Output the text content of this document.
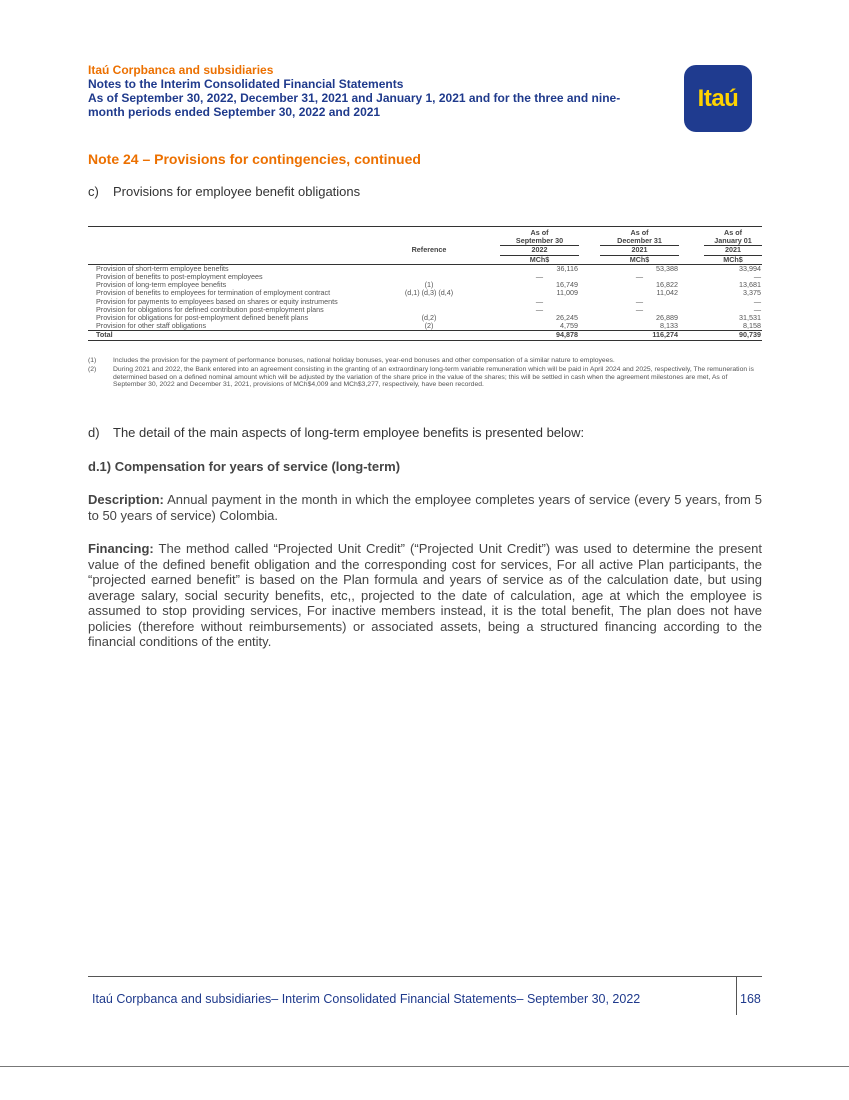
Itaú Corpbanca and subsidiaries
Notes to the Interim Consolidated Financial Statements
As of September 30, 2022, December 31, 2021 and January 1, 2021 and for the three and nine-
month periods ended September 30, 2022 and 2021
Itaú
Note 24 – Provisions for contingencies, continued
c) Provisions for employee benefit obligations

			As of		As of		As of
			September 30		December 31		January 01
	Reference		2022		2021		2021
			MCh$		MCh$		MCh$
Provision of short-term employee benefits			36,116		53,388		33,994
Provision of benefits to post-employment employees			—		—		—
Provision of long-term employee benefits	(1)		16,749		16,822		13,681
Provision of benefits to employees for termination of employment contract	(d,1) (d,3) (d,4)		11,009		11,042		3,375
Provision for payments to employees based on shares or equity instruments			—		—		—
Provision for obligations for defined contribution post-employment plans			—		—		—
Provision for obligations for post-employment defined benefit plans	(d,2)		26,245		26,889		31,531
Provision for other staff obligations	(2)		4,759		8,133		8,158
Total			94,878		116,274		90,739
(1) Includes the provision for the payment of performance bonuses, national holiday bonuses, year-end bonuses and other compensation of a similar nature to employees.
(2) During 2021 and 2022, the Bank entered into an agreement consisting in the granting of an extraordinary long-term variable remuneration which will be paid in April 2024 and 2025, respectively, The remuneration is determined based on a defined nominal amount which will be adjusted by the variation of the share price in the value of the shares; this will be settled in cash when the agreement milestones are met, As of September 30, 2022 and December 31, 2021, provisions of MCh$4,009 and MCh$3,277, respectively, have been recorded.
d) The detail of the main aspects of long-term employee benefits is presented below:
d.1) Compensation for years of service (long-term)
Description: Annual payment in the month in which the employee completes years of service (every 5 years, from 5 to 50 years of service) Colombia.
Financing: The method called “Projected Unit Credit” (“Projected Unit Credit”) was used to determine the present value of the defined benefit obligation and the corresponding cost for services, For all active Plan participants, the “projected earned benefit” is based on the Plan formula and years of service as of the calculation date, but using average salary, social security benefits, etc,, projected to the date of calculation, age at which the employee is assumed to stop providing services, For inactive members instead, it is the total benefit, The plan does not have policies (therefore without reimbursements) or associated assets, being a structured financing according to the financial conditions of the entity.
Itaú Corpbanca and subsidiaries– Interim Consolidated Financial Statements– September 30, 2022	168
